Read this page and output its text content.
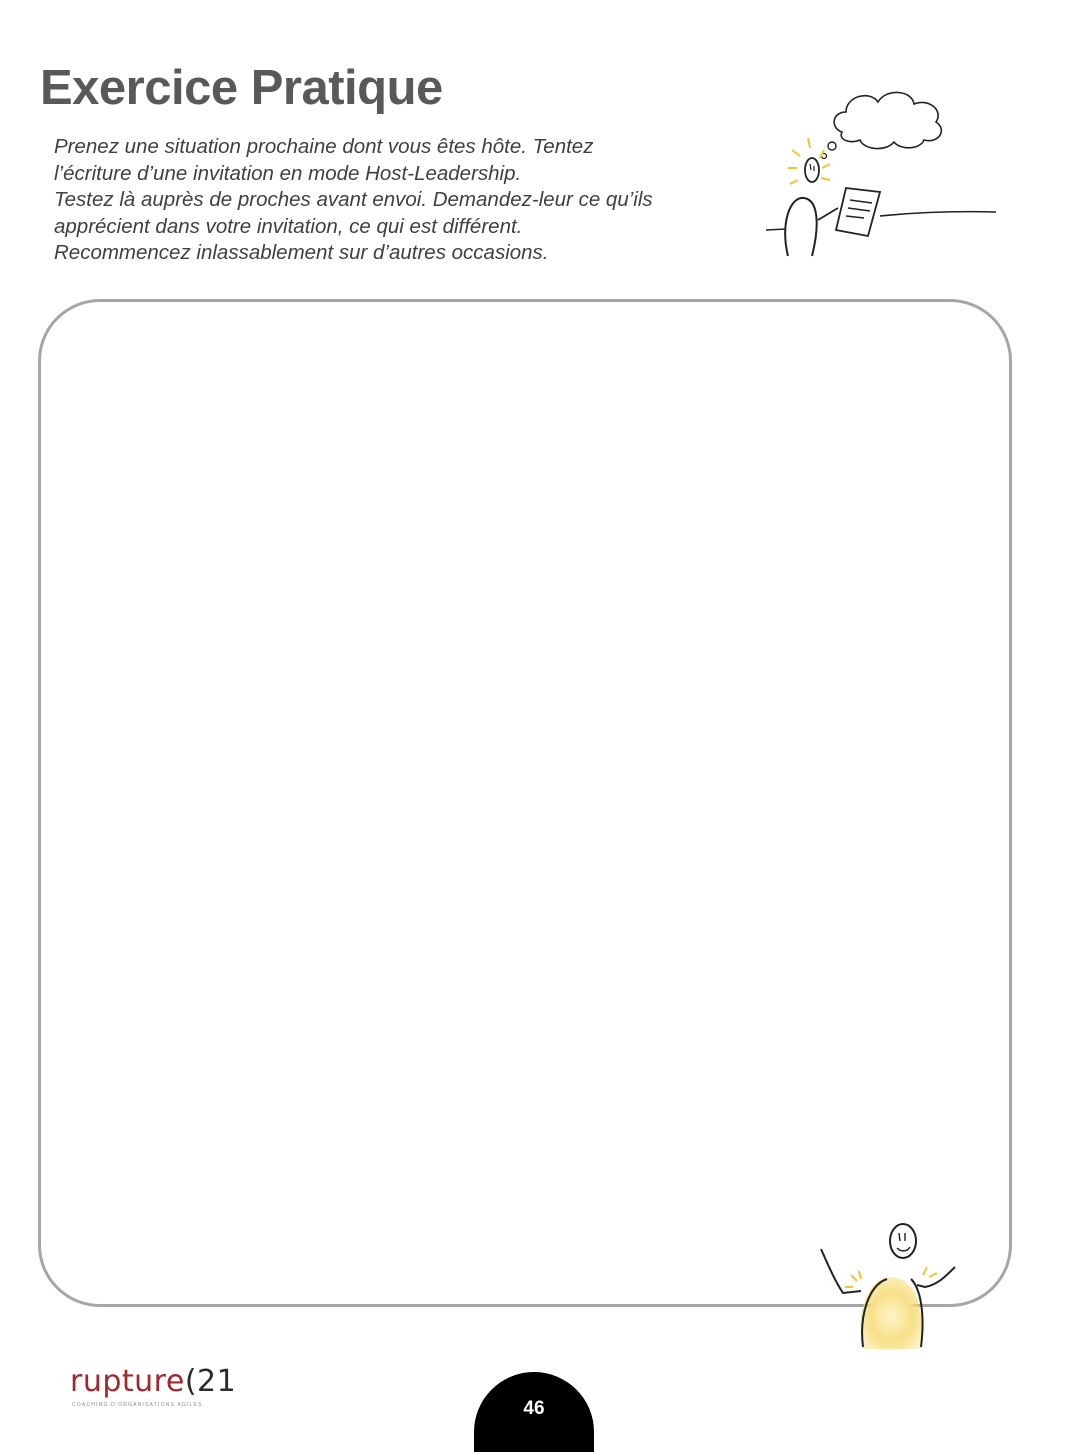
Exercice Pratique
Prenez une situation prochaine dont vous êtes hôte. Tentez
l’écriture d’une invitation en mode Host-Leadership.
Testez là auprès de proches avant envoi. Demandez-leur ce qu’ils
apprécient dans votre invitation, ce qui est différent.
Recommencez inlassablement sur d’autres occasions.
rupture(21
COACHING D'ORGANISATIONS AGILES	46
